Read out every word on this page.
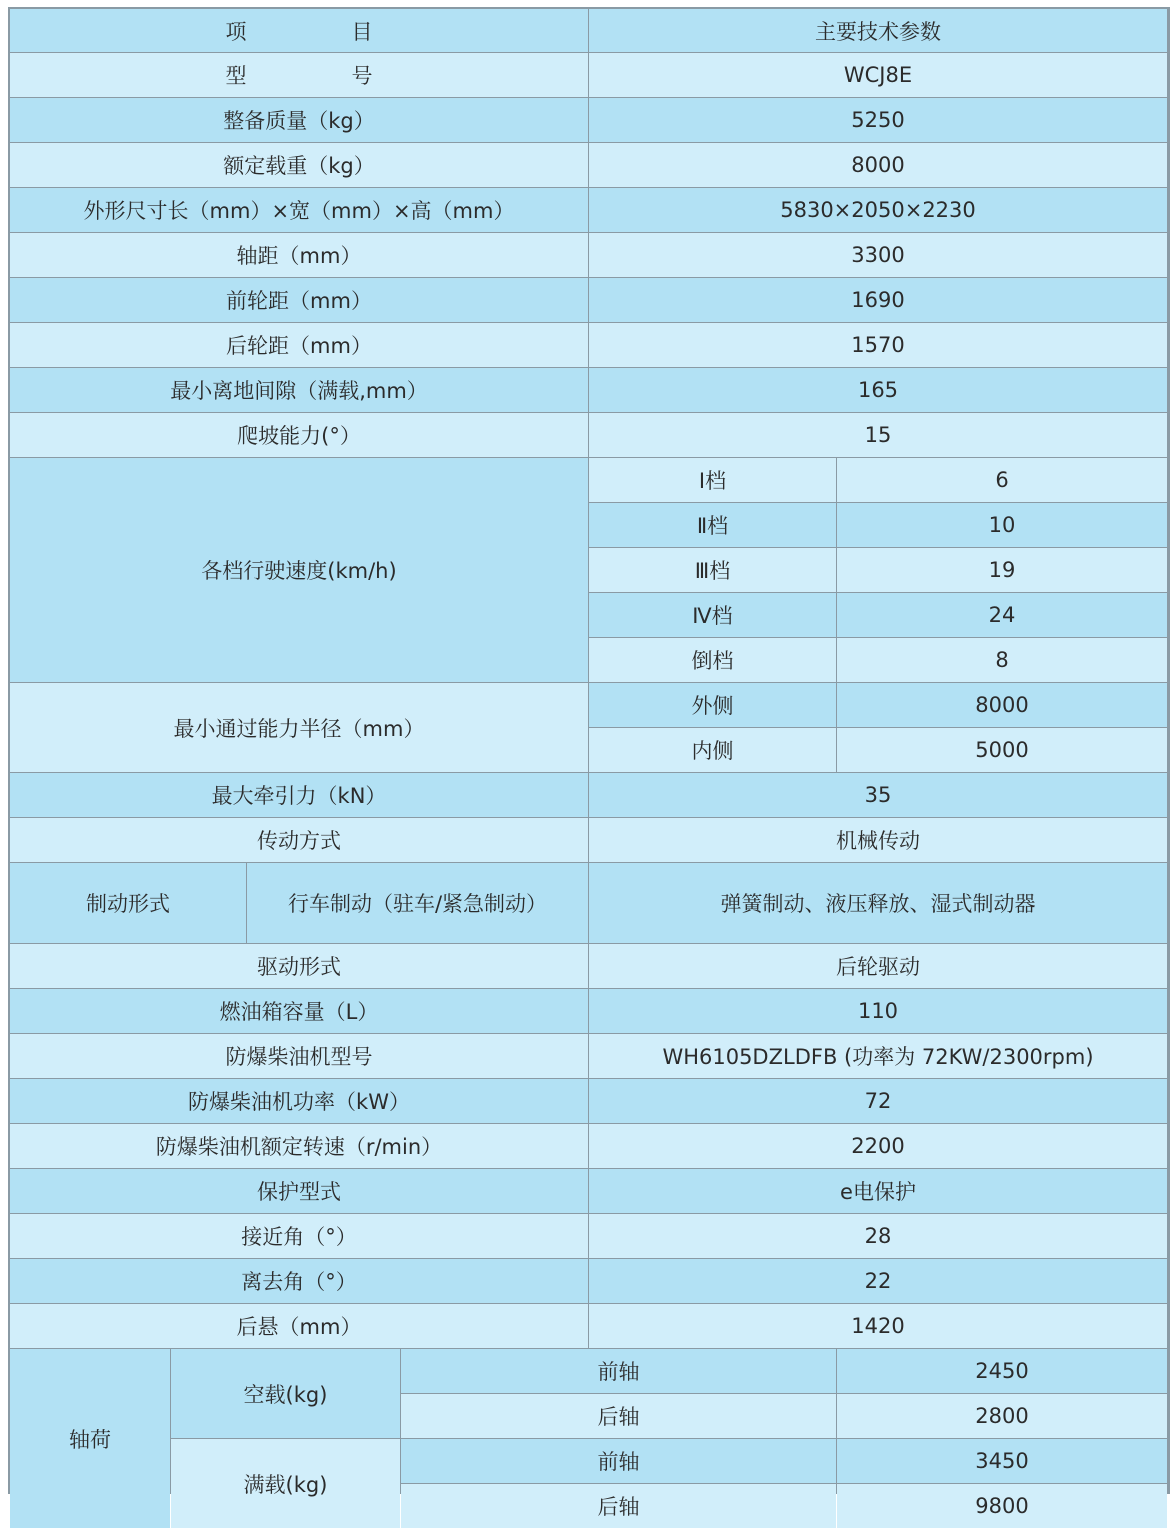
项　　　　　目	主要技术参数
型　　　　　号	WCJ8E
整备质量（kg）	5250
额定载重（kg）	8000
外形尺寸长（mm）×宽（mm）×高（mm）	5830×2050×2230
轴距（mm）	3300
前轮距（mm）	1690
后轮距（mm）	1570
最小离地间隙（满载,mm）	165
爬坡能力(°）	15
各档行驶速度(km/h)
Ⅰ档	6
Ⅱ档	10
Ⅲ档	19
Ⅳ档	24
倒档	8
最小通过能力半径（mm）
外侧	8000
内侧	5000
最大牵引力（kN）	35
传动方式	机械传动
制动形式	行车制动（驻车/紧急制动）	弹簧制动、液压释放、湿式制动器
驱动形式	后轮驱动
燃油箱容量（L）	110
防爆柴油机型号	WH6105DZLDFB (功率为 72KW/2300rpm)
防爆柴油机功率（kW）	72
防爆柴油机额定转速（r/min）	2200
保护型式	e电保护
接近角（°）	28
离去角（°）	22
后悬（mm）	1420
轴荷
空载(kg)
前轴	2450
后轴	2800
满载(kg)
前轴	3450
后轴	9800
